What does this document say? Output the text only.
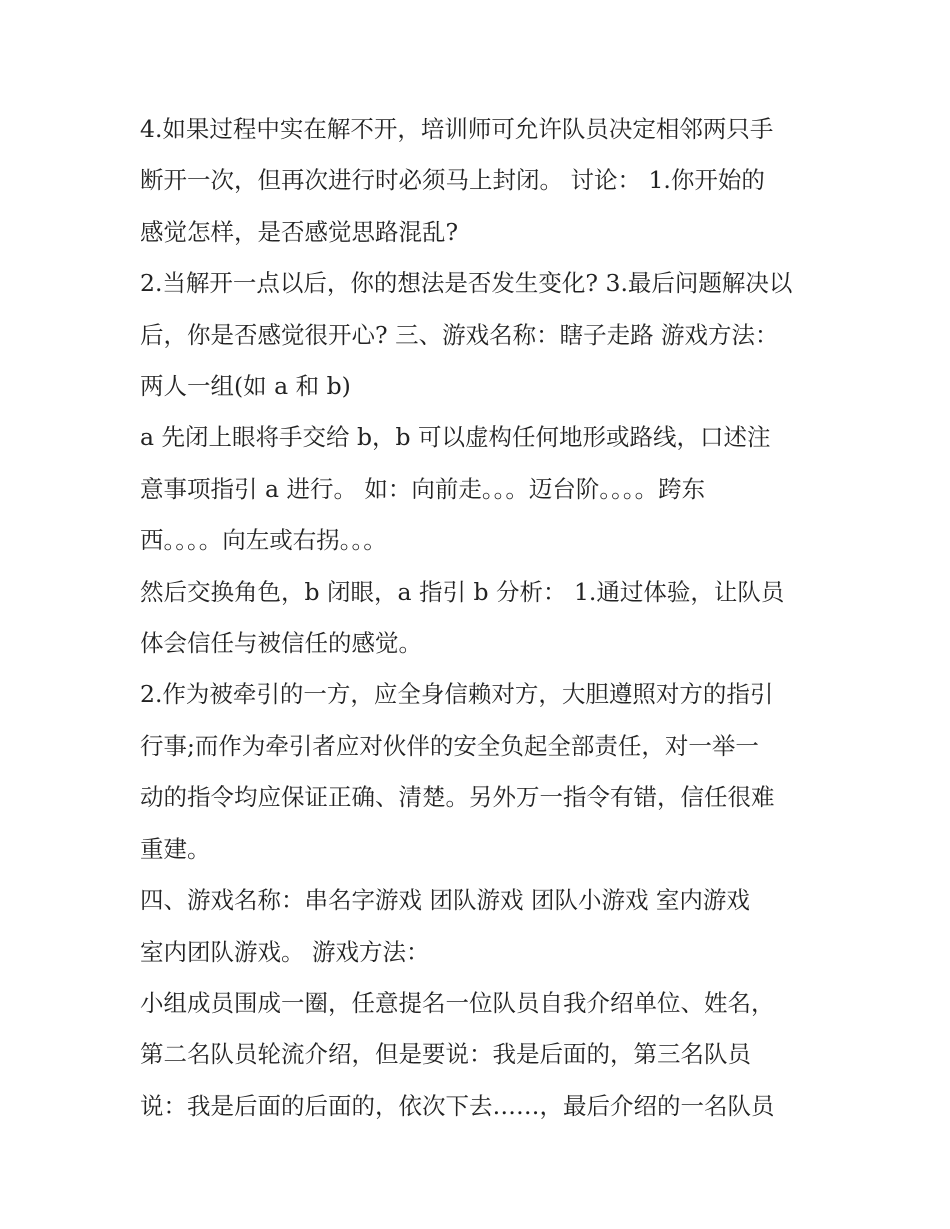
4.如果过程中实在解不开，培训师可允许队员决定相邻两只手
断开一次，但再次进行时必须马上封闭。 讨论： 1.你开始的
感觉怎样，是否感觉思路混乱?

2.当解开一点以后，你的想法是否发生变化? 3.最后问题解决以
后，你是否感觉很开心? 三、游戏名称：瞎子走路 游戏方法：
两人一组(如 a 和 b)

a 先闭上眼将手交给 b，b 可以虚构任何地形或路线，口述注
意事项指引 a 进行。 如：向前走。。。迈台阶。。。。跨东
西。。。。向左或右拐。。。

然后交换角色，b 闭眼，a 指引 b 分析： 1.通过体验，让队员
体会信任与被信任的感觉。

2.作为被牵引的一方，应全身信赖对方，大胆遵照对方的指引
行事;而作为牵引者应对伙伴的安全负起全部责任，对一举一
动的指令均应保证正确、清楚。另外万一指令有错，信任很难
重建。

四、游戏名称：串名字游戏 团队游戏 团队小游戏 室内游戏
室内团队游戏。 游戏方法：

小组成员围成一圈，任意提名一位队员自我介绍单位、姓名，
第二名队员轮流介绍，但是要说：我是后面的，第三名队员
说：我是后面的后面的，依次下去……，最后介绍的一名队员
